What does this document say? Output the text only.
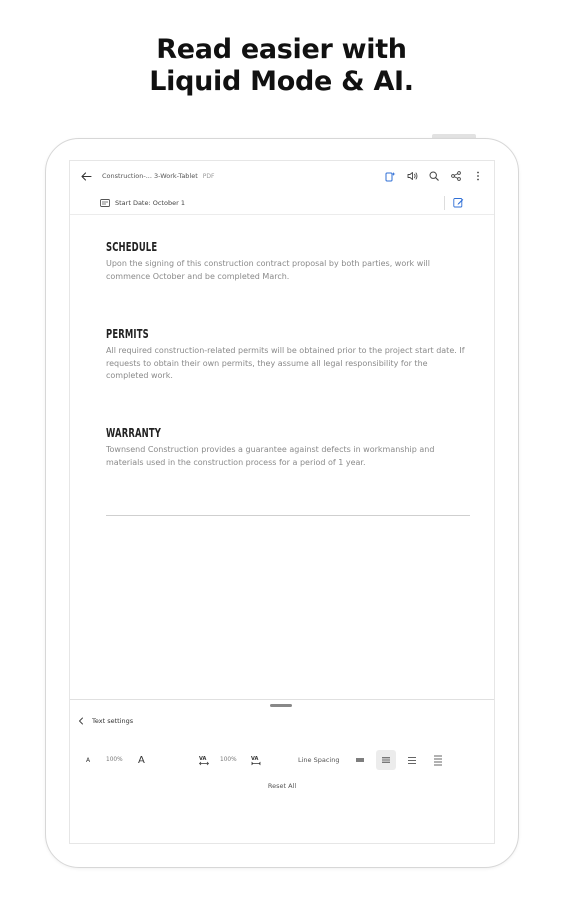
Read easier with
Liquid Mode & AI.
Construction-... 3-Work-Tablet PDF
Start Date: October 1
SCHEDULE
Upon the signing of this construction contract proposal by both parties, work will commence October and be completed March.
PERMITS
All required construction-related permits will be obtained prior to the project start date. If requests to obtain their own permits, they assume all legal responsibility for the completed work.
WARRANTY
Townsend Construction provides a guarantee against defects in workmanship and materials used in the construction process for a period of 1 year.
Text settings
A	100% A	VA 100%	VA	Line Spacing
Reset All
